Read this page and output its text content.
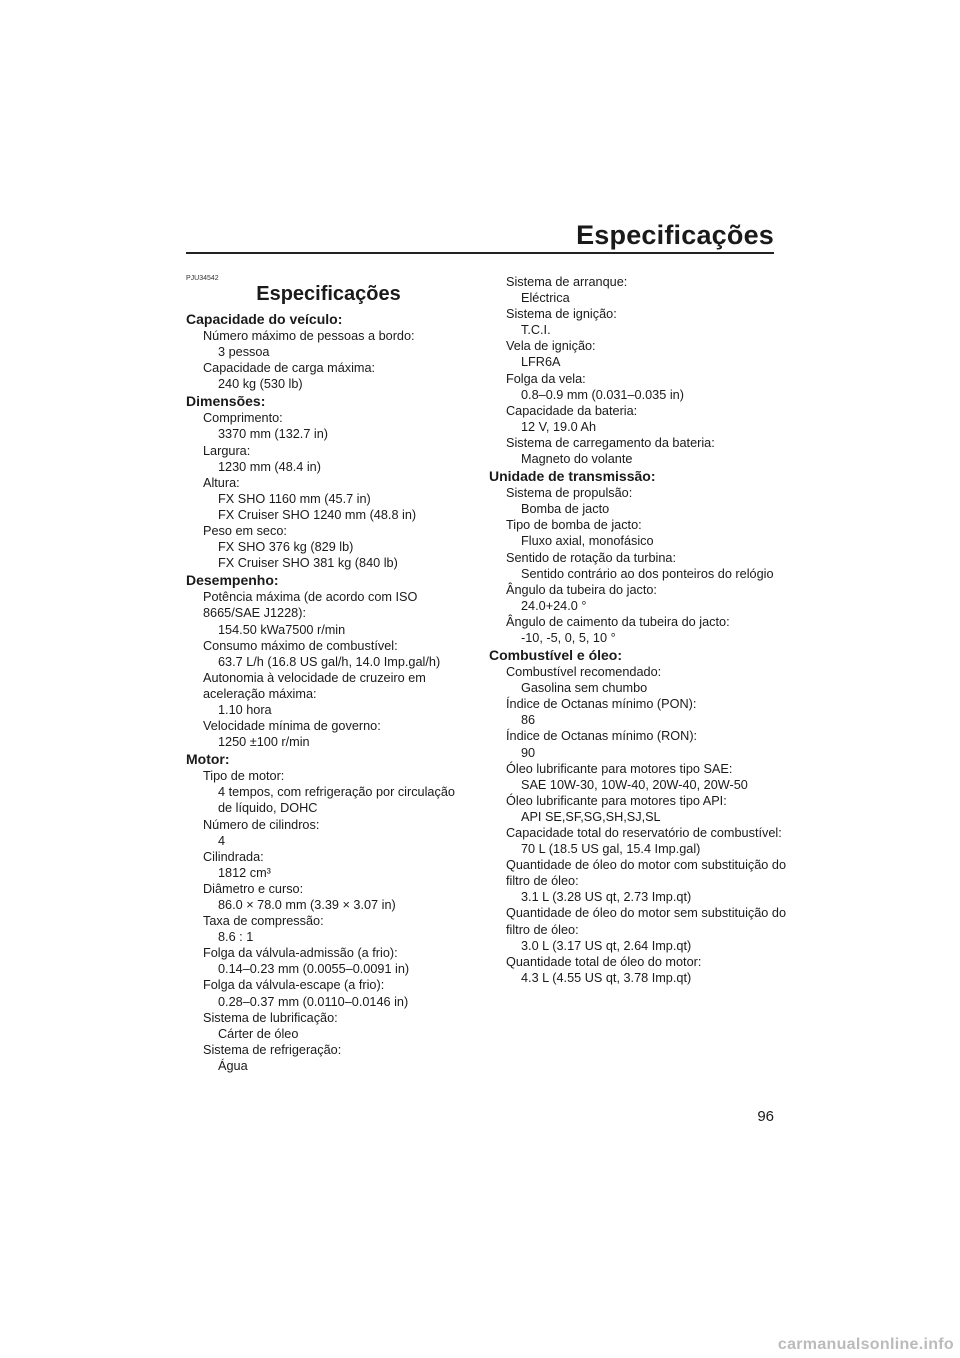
Especificações
PJU34542
Especificações
Capacidade do veículo:
Número máximo de pessoas a bordo:
3 pessoa
Capacidade de carga máxima:
240 kg (530 lb)
Dimensões:
Comprimento:
3370 mm (132.7 in)
Largura:
1230 mm (48.4 in)
Altura:
FX SHO 1160 mm (45.7 in)
FX Cruiser SHO 1240 mm (48.8 in)
Peso em seco:
FX SHO 376 kg (829 lb)
FX Cruiser SHO 381 kg (840 lb)
Desempenho:
Potência máxima (de acordo com ISO 8665/SAE J1228):
154.50 kWa7500 r/min
Consumo máximo de combustível:
63.7 L/h (16.8 US gal/h, 14.0 Imp.gal/h)
Autonomia à velocidade de cruzeiro em aceleração máxima:
1.10 hora
Velocidade mínima de governo:
1250 ±100 r/min
Motor:
Tipo de motor:
4 tempos, com refrigeração por circulação de líquido, DOHC
Número de cilindros:
4
Cilindrada:
1812 cm³
Diâmetro e curso:
86.0 × 78.0 mm (3.39 × 3.07 in)
Taxa de compressão:
8.6 : 1
Folga da válvula-admissão (a frio):
0.14–0.23 mm (0.0055–0.0091 in)
Folga da válvula-escape (a frio):
0.28–0.37 mm (0.0110–0.0146 in)
Sistema de lubrificação:
Cárter de óleo
Sistema de refrigeração:
Água
Sistema de arranque:
Eléctrica
Sistema de ignição:
T.C.I.
Vela de ignição:
LFR6A
Folga da vela:
0.8–0.9 mm (0.031–0.035 in)
Capacidade da bateria:
12 V, 19.0 Ah
Sistema de carregamento da bateria:
Magneto do volante
Unidade de transmissão:
Sistema de propulsão:
Bomba de jacto
Tipo de bomba de jacto:
Fluxo axial, monofásico
Sentido de rotação da turbina:
Sentido contrário ao dos ponteiros do relógio
Ângulo da tubeira do jacto:
24.0+24.0 °
Ângulo de caimento da tubeira do jacto:
-10, -5, 0, 5, 10 °
Combustível e óleo:
Combustível recomendado:
Gasolina sem chumbo
Índice de Octanas mínimo (PON):
86
Índice de Octanas mínimo (RON):
90
Óleo lubrificante para motores tipo SAE:
SAE 10W-30, 10W-40, 20W-40, 20W-50
Óleo lubrificante para motores tipo API:
API SE,SF,SG,SH,SJ,SL
Capacidade total do reservatório de combustível:
70 L (18.5 US gal, 15.4 Imp.gal)
Quantidade de óleo do motor com substituição do filtro de óleo:
3.1 L (3.28 US qt, 2.73 Imp.qt)
Quantidade de óleo do motor sem substituição do filtro de óleo:
3.0 L (3.17 US qt, 2.64 Imp.qt)
Quantidade total de óleo do motor:
4.3 L (4.55 US qt, 3.78 Imp.qt)
96
carmanualsonline.info
